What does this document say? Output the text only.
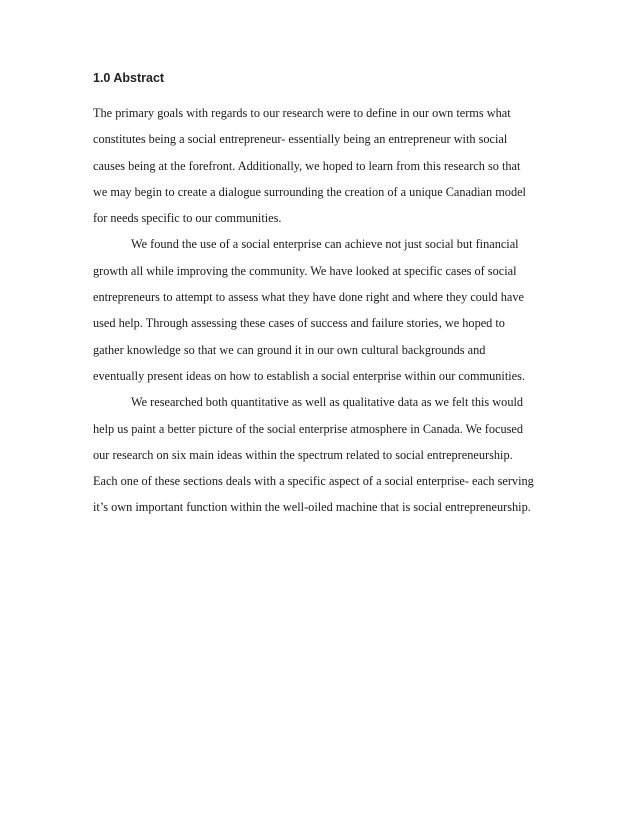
1.0 Abstract
The primary goals with regards to our research were to define in our own terms what
constitutes being a social entrepreneur- essentially being an entrepreneur with social
causes being at the forefront. Additionally, we hoped to learn from this research so that
we may begin to create a dialogue surrounding the creation of a unique Canadian model
for needs specific to our communities.
We found the use of a social enterprise can achieve not just social but financial
growth all while improving the community. We have looked at specific cases of social
entrepreneurs to attempt to assess what they have done right and where they could have
used help. Through assessing these cases of success and failure stories, we hoped to
gather knowledge so that we can ground it in our own cultural backgrounds and
eventually present ideas on how to establish a social enterprise within our communities.
We researched both quantitative as well as qualitative data as we felt this would
help us paint a better picture of the social enterprise atmosphere in Canada. We focused
our research on six main ideas within the spectrum related to social entrepreneurship.
Each one of these sections deals with a specific aspect of a social enterprise- each serving
it’s own important function within the well-oiled machine that is social entrepreneurship.
